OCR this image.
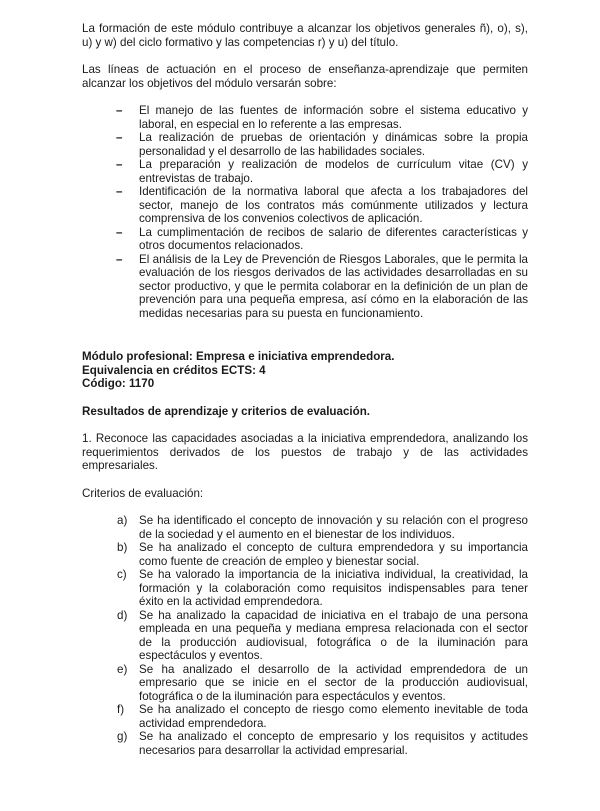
La formación de este módulo contribuye a alcanzar los objetivos generales ñ), o), s), u) y w) del ciclo formativo y las competencias r) y u) del título.

Las líneas de actuación en el proceso de enseñanza-aprendizaje que permiten alcanzar los objetivos del módulo versarán sobre:

– El manejo de las fuentes de información sobre el sistema educativo y laboral, en especial en lo referente a las empresas.
– La realización de pruebas de orientación y dinámicas sobre la propia personalidad y el desarrollo de las habilidades sociales.
– La preparación y realización de modelos de currículum vitae (CV) y entrevistas de trabajo.
– Identificación de la normativa laboral que afecta a los trabajadores del sector, manejo de los contratos más comúnmente utilizados y lectura comprensiva de los convenios colectivos de aplicación.
– La cumplimentación de recibos de salario de diferentes características y otros documentos relacionados.
– El análisis de la Ley de Prevención de Riesgos Laborales, que le permita la evaluación de los riesgos derivados de las actividades desarrolladas en su sector productivo, y que le permita colaborar en la definición de un plan de prevención para una pequeña empresa, así cómo en la elaboración de las medidas necesarias para su puesta en funcionamiento.
Módulo profesional: Empresa e iniciativa emprendedora.
Equivalencia en créditos ECTS: 4
Código: 1170
Resultados de aprendizaje y criterios de evaluación.

1. Reconoce las capacidades asociadas a la iniciativa emprendedora, analizando los requerimientos derivados de los puestos de trabajo y de las actividades empresariales.

Criterios de evaluación:
a) Se ha identificado el concepto de innovación y su relación con el progreso de la sociedad y el aumento en el bienestar de los individuos.
b) Se ha analizado el concepto de cultura emprendedora y su importancia como fuente de creación de empleo y bienestar social.
c) Se ha valorado la importancia de la iniciativa individual, la creatividad, la formación y la colaboración como requisitos indispensables para tener éxito en la actividad emprendedora.
d) Se ha analizado la capacidad de iniciativa en el trabajo de una persona empleada en una pequeña y mediana empresa relacionada con el sector de la producción audiovisual, fotográfica o de la iluminación para espectáculos y eventos.
e) Se ha analizado el desarrollo de la actividad emprendedora de un empresario que se inicie en el sector de la producción audiovisual, fotográfica o de la iluminación para espectáculos y eventos.
f) Se ha analizado el concepto de riesgo como elemento inevitable de toda actividad emprendedora.
g) Se ha analizado el concepto de empresario y los requisitos y actitudes necesarios para desarrollar la actividad empresarial.
